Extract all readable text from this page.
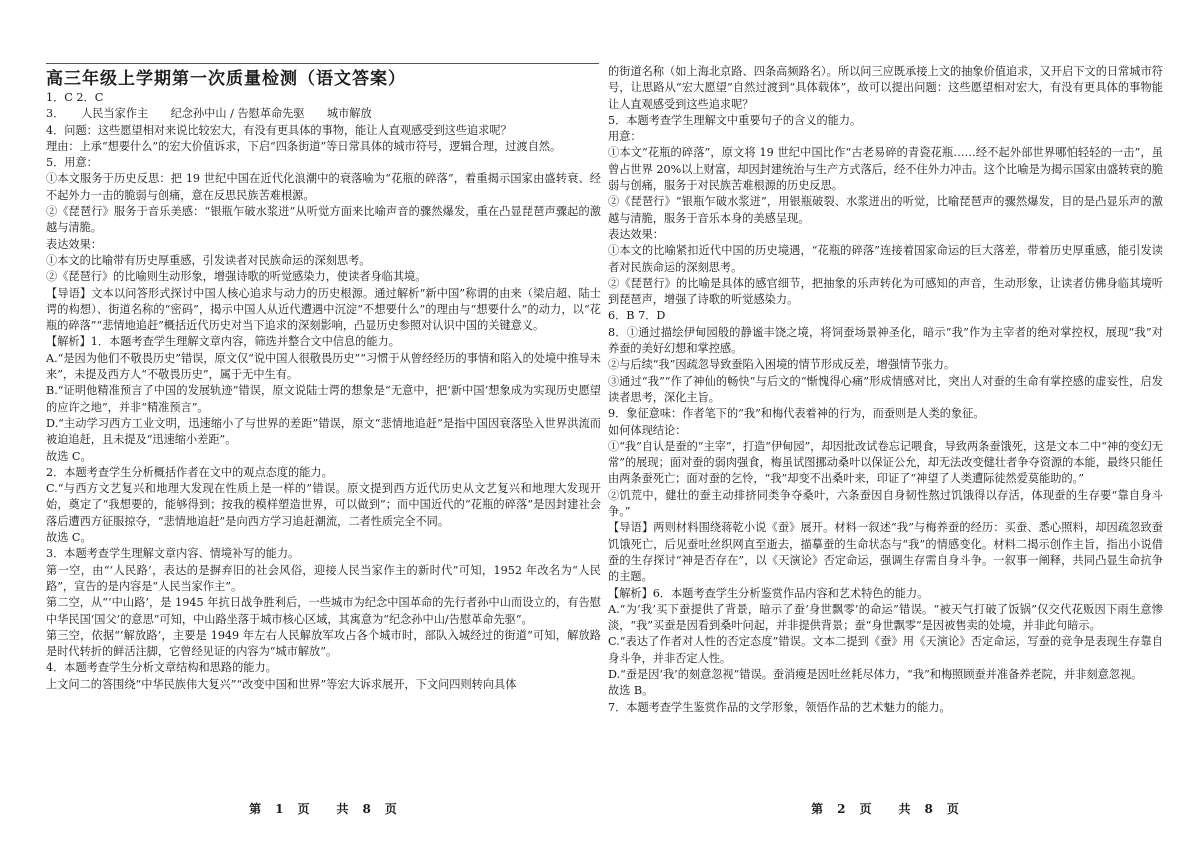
高三年级上学期第一次质量检测（语文答案）

1．C 2．C

3．　　人民当家作主　　纪念孙中山 / 告慰革命先驱　　城市解放

4．问题：这些愿望相对来说比较宏大，有没有更具体的事物，能让人直观感受到这些追求呢？

理由：上承“想要什么”的宏大价值诉求，下启“四条街道”等日常具体的城市符号，逻辑合理，过渡自然。

5．用意：

①本文服务于历史反思：把 19 世纪中国在近代化浪潮中的衰落喻为“花瓶的碎落”，着重揭示国家由盛转衰、经不起外力一击的脆弱与创痛，意在反思民族苦难根源。

②《琵琶行》服务于音乐美感：“银瓶乍破水浆迸”从听觉方面来比喻声音的骤然爆发，重在凸显琵琶声骤起的激越与清脆。

表达效果：

①本文的比喻带有历史厚重感，引发读者对民族命运的深刻思考。

②《琵琶行》的比喻则生动形象，增强诗歌的听觉感染力，使读者身临其境。

【导语】文本以问答形式探讨中国人核心追求与动力的历史根源。通过解析“新中国”称谓的由来（梁启超、陆士谔的构想）、街道名称的“密码”，揭示中国人从近代遭遇中沉淀“不想要什么”的理由与“想要什么”的动力，以“花瓶的碎落”“悲情地追赶”概括近代历史对当下追求的深刻影响，凸显历史参照对认识中国的关键意义。

【解析】1．本题考查学生理解文章内容，筛选并整合文中信息的能力。

A.“是因为他们不敬畏历史”错误，原文仅“说中国人很敬畏历史”“习惯于从曾经经历的事情和陷入的处境中推导未来”，未提及西方人“不敬畏历史”，属于无中生有。

B.“证明他精准预言了中国的发展轨迹”错误，原文说陆士谔的想象是“无意中，把‘新中国’想象成为实现历史愿望的应许之地”，并非“精准预言”。

D.“主动学习西方工业文明，迅速缩小了与世界的差距”错误，原文“悲情地追赶”是指中国因衰落坠入世界洪流而被迫追赶，且未提及“迅速缩小差距”。

故选 C。

2．本题考查学生分析概括作者在文中的观点态度的能力。

C.“与西方文艺复兴和地理大发现在性质上是一样的”错误。原文提到西方近代历史从文艺复兴和地理大发现开始，奠定了“我想要的，能够得到；按我的模样塑造世界，可以做到”；而中国近代的“花瓶的碎落”是因封建社会落后遭西方征服掠夺，“悲情地追赶”是向西方学习追赶潮流，二者性质完全不同。

故选 C。

3．本题考查学生理解文章内容、情境补写的能力。

第一空，由“‘人民路’，表达的是摒弃旧的社会风俗，迎接人民当家作主的新时代”可知，1952 年改名为“人民路”，宣告的是内容是“人民当家作主”。

第二空，从“‘中山路’，是 1945 年抗日战争胜利后，一些城市为纪念中国革命的先行者孙中山而设立的，有告慰中华民国‘国父’的意思”可知，中山路坐落于城市核心区域，其寓意为“纪念孙中山/告慰革命先驱”。

第三空，依据“‘解放路’，主要是 1949 年左右人民解放军攻占各个城市时，部队入城经过的街道”可知，解放路是时代转折的鲜活注脚，它曾经见证的内容为“城市解放”。

4．本题考查学生分析文章结构和思路的能力。

上文问二的答围绕“中华民族伟大复兴”“改变中国和世界”等宏大诉求展开，下文问四则转向具体

的街道名称（如上海北京路、四条高频路名）。所以问三应既承接上文的抽象价值追求，又开启下文的日常城市符号，让思路从“宏大愿望”自然过渡到“具体载体”，故可以提出问题：这些愿望相对宏大，有没有更具体的事物能让人直观感受到这些追求呢？

5．本题考查学生理解文中重要句子的含义的能力。

用意：

①本文“花瓶的碎落”，原文将 19 世纪中国比作“古老易碎的青瓷花瓶……经不起外部世界哪怕轻轻的一击”，虽曾占世界 20%以上财富，却因封建统治与生产方式落后，经不住外力冲击。这个比喻是为揭示国家由盛转衰的脆弱与创痛，服务于对民族苦难根源的历史反思。

②《琵琶行》“银瓶乍破水浆迸”，用银瓶破裂、水浆迸出的听觉，比喻琵琶声的骤然爆发，目的是凸显乐声的激越与清脆，服务于音乐本身的美感呈现。

表达效果：

①本文的比喻紧扣近代中国的历史境遇，“花瓶的碎落”连接着国家命运的巨大落差，带着历史厚重感，能引发读者对民族命运的深刻思考。

②《琵琶行》的比喻是具体的感官细节，把抽象的乐声转化为可感知的声音，生动形象，让读者仿佛身临其境听到琵琶声，增强了诗歌的听觉感染力。

6．B 7．D

8．①通过描绘伊甸园般的静谧丰饶之境，将饲蚕场景神圣化，暗示“我”作为主宰者的绝对掌控权，展现“我”对养蚕的美好幻想和掌控感。

②与后续“我”因疏忽导致蚕陷入困境的情节形成反差，增强情节张力。

③通过“我”“作了神仙的畅快”与后文的“惭愧得心痛”形成情感对比，突出人对蚕的生命有掌控感的虚妄性，启发读者思考，深化主旨。

9．象征意味：作者笔下的“我”和梅代表着神的行为，而蚕则是人类的象征。

如何体现结论：

①“我”自认是蚕的“主宰”，打造“伊甸园”，却因批改试卷忘记喂食，导致两条蚕饿死，这是文本二中“神的变幻无常”的展现；面对蚕的弱肉强食，梅虽试图挪动桑叶以保证公允，却无法改变健壮者争夺资源的本能，最终只能任由两条蚕死亡；面对蚕的乞怜，“我”却变不出桑叶来，印证了“神望了人类遭际徒然爱莫能助的。”

②饥荒中，健壮的蚕主动排挤同类争夺桑叶，六条蚕因自身韧性熬过饥饿得以存活，体现蚕的生存要“靠自身斗争。”

【导语】两则材料围绕蒋乾小说《蚕》展开。材料一叙述“我”与梅养蚕的经历：买蚕、悉心照料，却因疏忽致蚕饥饿死亡，后见蚕吐丝织网直至逝去，描摹蚕的生命状态与“我”的情感变化。材料二揭示创作主旨，指出小说借蚕的生存探讨“神是否存在”，以《天演论》否定命运，强调生存需自身斗争。一叙事一阐释，共同凸显生命抗争的主题。

【解析】6．本题考查学生分析鉴赏作品内容和艺术特色的能力。

A.“为‘我’买下蚕提供了背景，暗示了蚕‘身世飘零’的命运”错误。“被天气打破了饭锅”仅交代花贩因下雨生意惨淡，“我”买蚕是因看到桑叶问起，并非提供背景；蚕“身世飘零”是因被售卖的处境，并非此句暗示。

C.“表达了作者对人性的否定态度”错误。文本二提到《蚕》用《天演论》否定命运，写蚕的竞争是表现生存靠自身斗争，并非否定人性。

D.“蚕是因‘我’的刻意忽视”错误。蚕消瘦是因吐丝耗尽体力，“我”和梅照顾蚕并准备养老院，并非刻意忽视。

故选 B。

7．本题考查学生鉴赏作品的文学形象，领悟作品的艺术魅力的能力。

第　1　页　　共　8　页	第　2　页　　共　8　页
